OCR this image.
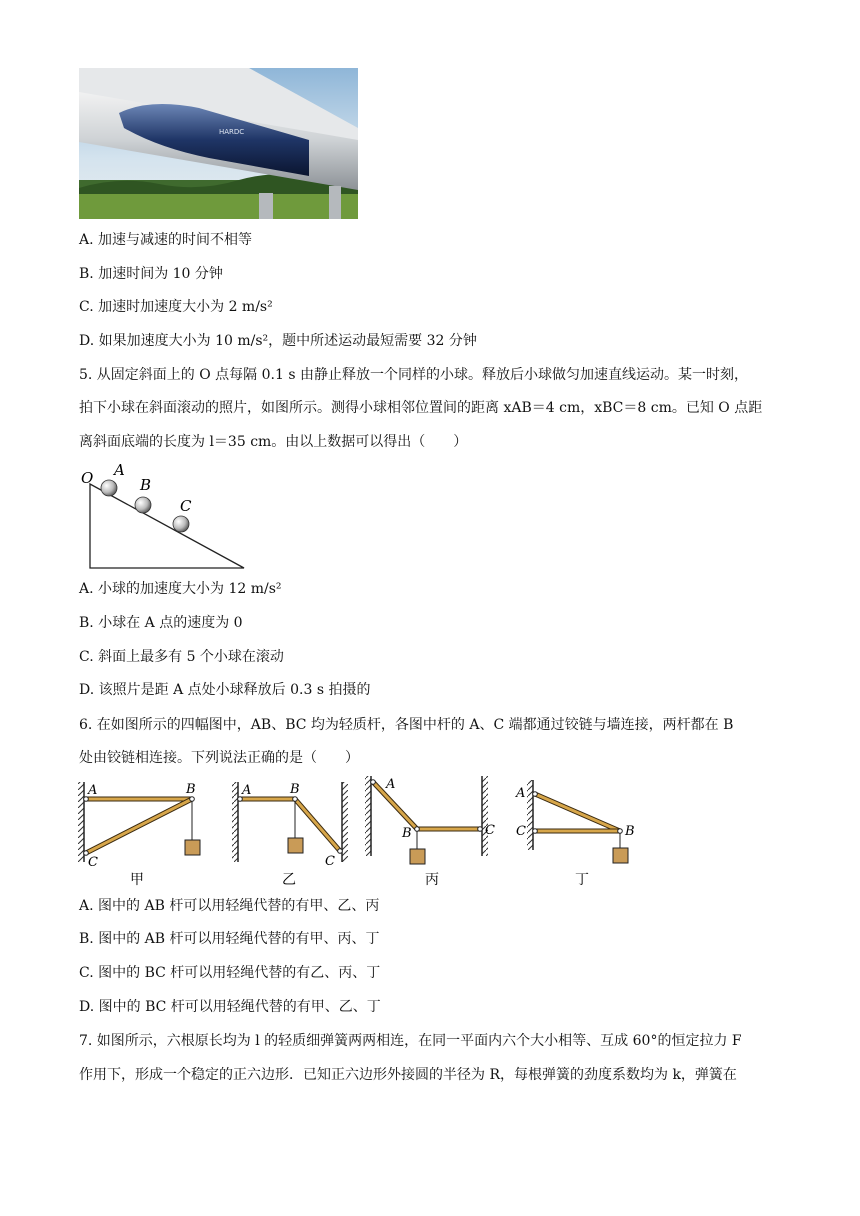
HARDC
A. 加速与减速的时间不相等
B. 加速时间为 10 分钟
C. 加速时加速度大小为 2 m/s²
D. 如果加速度大小为 10 m/s²，题中所述运动最短需要 32 分钟
5. 从固定斜面上的 O 点每隔 0.1 s 由静止释放一个同样的小球。释放后小球做匀加速直线运动。某一时刻，
拍下小球在斜面滚动的照片，如图所示。测得小球相邻位置间的距离 xAB＝4 cm，xBC＝8 cm。已知 O 点距
离斜面底端的长度为 l＝35 cm。由以上数据可以得出（　　）
O A
B
C
A. 小球的加速度大小为 12 m/s²
B. 小球在 A 点的速度为 0
C. 斜面上最多有 5 个小球在滚动
D. 该照片是距 A 点处小球释放后 0.3 s 拍摄的
6. 在如图所示的四幅图中，AB、BC 均为轻质杆，各图中杆的 A、C 端都通过铰链与墙连接，两杆都在 B
处由铰链相连接。下列说法正确的是（　　）
A	B
C
甲
A	B
C
乙
A
B	C
丙
A
C	B
丁
A. 图中的 AB 杆可以用轻绳代替的有甲、乙、丙
B. 图中的 AB 杆可以用轻绳代替的有甲、丙、丁
C. 图中的 BC 杆可以用轻绳代替的有乙、丙、丁
D. 图中的 BC 杆可以用轻绳代替的有甲、乙、丁
7. 如图所示，六根原长均为 l 的轻质细弹簧两两相连，在同一平面内六个大小相等、互成 60°的恒定拉力 F
作用下，形成一个稳定的正六边形．已知正六边形外接圆的半径为 R，每根弹簧的劲度系数均为 k，弹簧在
